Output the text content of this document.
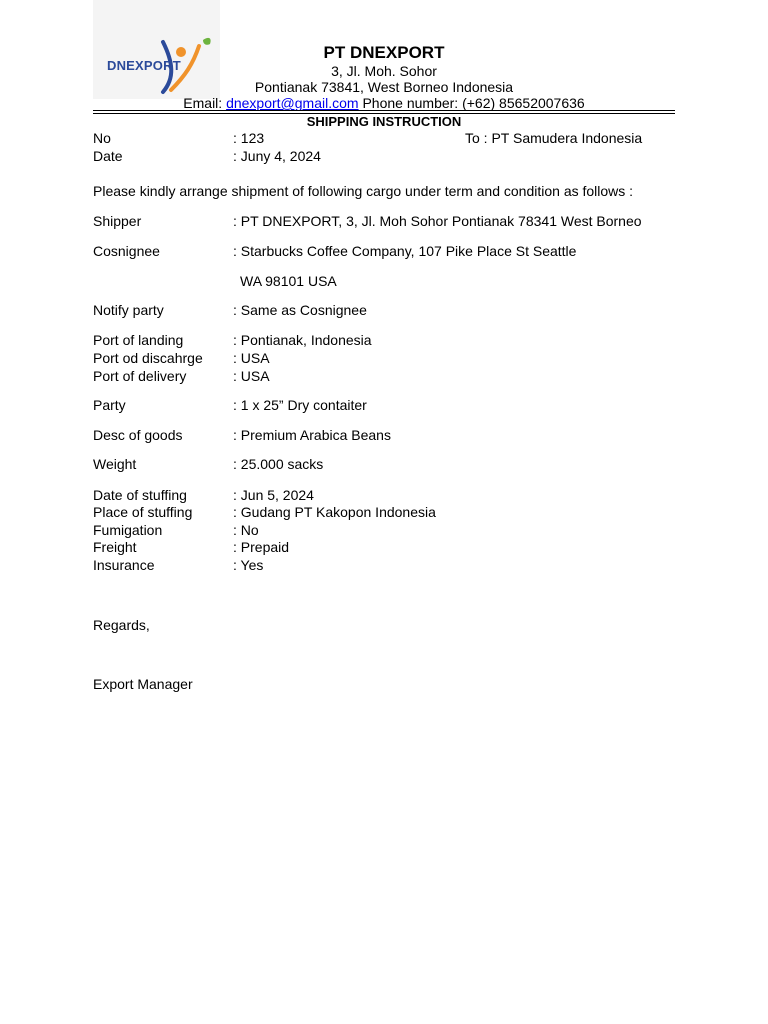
DNEXPORT
PT DNEXPORT
3, Jl. Moh. Sohor
Pontianak 73841, West Borneo Indonesia
Email: dnexport@gmail.com Phone number: (+62) 85652007636
SHIPPING INSTRUCTION
No	: 123	To : PT Samudera Indonesia
Date	: Juny 4, 2024
Please kindly arrange shipment of following cargo under term and condition as follows :
Shipper	: PT DNEXPORT, 3, Jl. Moh Sohor Pontianak 78341 West Borneo
Cosnignee	: Starbucks Coffee Company, 107 Pike Place St Seattle
WA 98101 USA
Notify party	: Same as Cosnignee
Port of landing	: Pontianak, Indonesia
Port od discahrge : USA
Port of delivery	: USA
Party	: 1 x 25” Dry contaiter
Desc of goods	: Premium Arabica Beans
Weight	: 25.000 sacks
Date of stuffing	: Jun 5, 2024
Place of stuffing	: Gudang PT Kakopon Indonesia
Fumigation	: No
Freight	: Prepaid
Insurance	: Yes
Regards,
Export Manager
